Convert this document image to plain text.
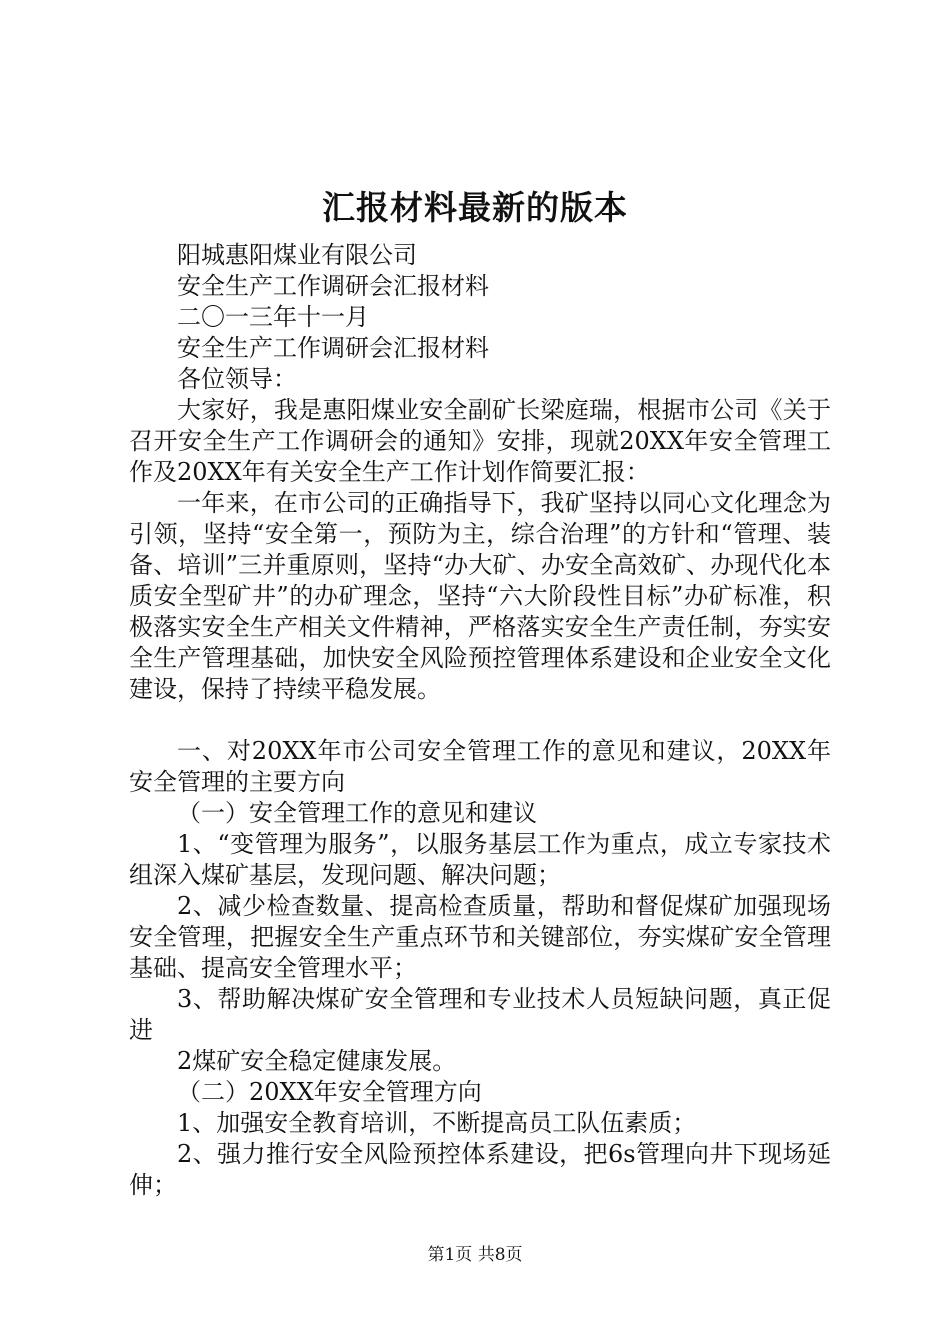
汇报材料最新的版本

阳城惠阳煤业有限公司

安全生产工作调研会汇报材料

二〇一三年十一月

安全生产工作调研会汇报材料

各位领导：

大家好，我是惠阳煤业安全副矿长梁庭瑞，根据市公司《关于召开安全生产工作调研会的通知》安排，现就20XX年安全管理工作及20XX年有关安全生产工作计划作简要汇报：

一年来，在市公司的正确指导下，我矿坚持以同心文化理念为引领，坚持“安全第一，预防为主，综合治理”的方针和“管理、装备、培训”三并重原则，坚持“办大矿、办安全高效矿、办现代化本质安全型矿井”的办矿理念，坚持“六大阶段性目标”办矿标准，积极落实安全生产相关文件精神，严格落实安全生产责任制，夯实安全生产管理基础，加快安全风险预控管理体系建设和企业安全文化建设，保持了持续平稳发展。

一、对20XX年市公司安全管理工作的意见和建议，20XX年安全管理的主要方向

（一）安全管理工作的意见和建议

1、“变管理为服务”，以服务基层工作为重点，成立专家技术组深入煤矿基层，发现问题、解决问题；

2、减少检查数量、提高检查质量，帮助和督促煤矿加强现场安全管理，把握安全生产重点环节和关键部位，夯实煤矿安全管理基础、提高安全管理水平；

3、帮助解决煤矿安全管理和专业技术人员短缺问题，真正促进

2煤矿安全稳定健康发展。

（二）20XX年安全管理方向

1、加强安全教育培训，不断提高员工队伍素质；

2、强力推行安全风险预控体系建设，把6s管理向井下现场延伸；

第1页 共8页
